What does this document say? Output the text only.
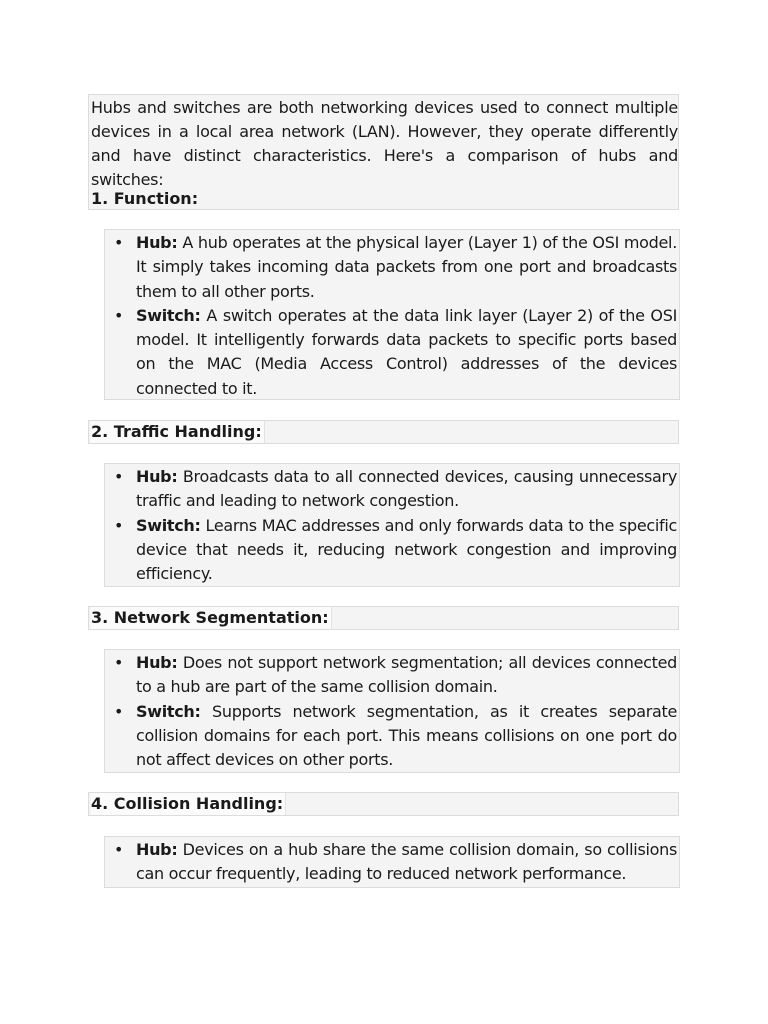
Hubs and switches are both networking devices used to connect multiple devices in a local area network (LAN). However, they operate differently and have distinct characteristics. Here's a comparison of hubs and switches:

1. Function:

• Hub: A hub operates at the physical layer (Layer 1) of the OSI model. It simply takes incoming data packets from one port and broadcasts them to all other ports.
• Switch: A switch operates at the data link layer (Layer 2) of the OSI model. It intelligently forwards data packets to specific ports based on the MAC (Media Access Control) addresses of the devices connected to it.

2. Traffic Handling:

• Hub: Broadcasts data to all connected devices, causing unnecessary traffic and leading to network congestion.
• Switch: Learns MAC addresses and only forwards data to the specific device that needs it, reducing network congestion and improving efficiency.

3. Network Segmentation:

• Hub: Does not support network segmentation; all devices connected to a hub are part of the same collision domain.
• Switch: Supports network segmentation, as it creates separate collision domains for each port. This means collisions on one port do not affect devices on other ports.

4. Collision Handling:

• Hub: Devices on a hub share the same collision domain, so collisions can occur frequently, leading to reduced network performance.
